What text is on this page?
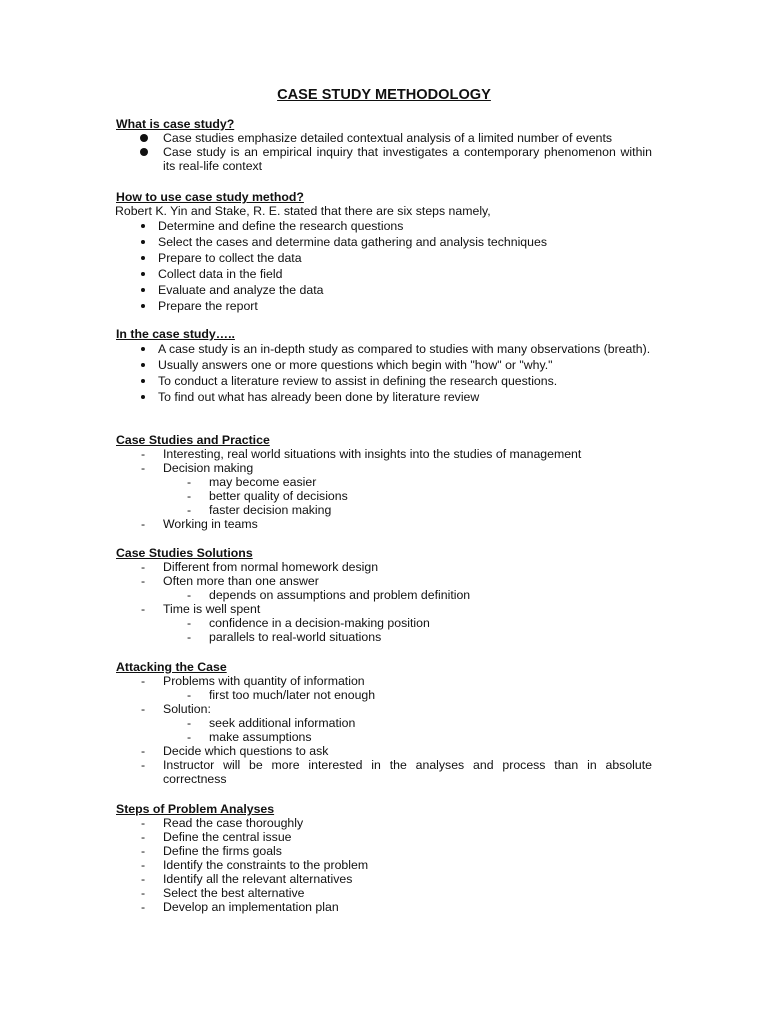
CASE STUDY METHODOLOGY
What is case study?
Case studies emphasize detailed contextual analysis of a limited number of events
Case study is an empirical inquiry that investigates a contemporary phenomenon within its real-life context
How to use case study method?
Robert K. Yin and Stake, R. E. stated that there are six steps namely,
Determine and define the research questions
Select the cases and determine data gathering and analysis techniques
Prepare to collect the data
Collect data in the field
Evaluate and analyze the data
Prepare the report
In the case study…..
A case study is an in-depth study as compared to studies with many observations (breath).
Usually answers one or more questions which begin with "how" or "why."
To conduct a literature review to assist in defining the research questions.
To find out what has already been done by literature review
Case Studies and Practice
- Interesting, real world situations with insights into the studies of management
- Decision making
- may become easier
- better quality of decisions
- faster decision making
- Working in teams
Case Studies Solutions
- Different from normal homework design
- Often more than one answer
- depends on assumptions and problem definition
- Time is well spent
- confidence in a decision-making position
- parallels to real-world situations
Attacking the Case
- Problems with quantity of information
- first too much/later not enough
- Solution:
- seek additional information
- make assumptions
- Decide which questions to ask
- Instructor will be more interested in the analyses and process than in absolute correctness
Steps of Problem Analyses
- Read the case thoroughly
- Define the central issue
- Define the firms goals
- Identify the constraints to the problem
- Identify all the relevant alternatives
- Select the best alternative
- Develop an implementation plan
